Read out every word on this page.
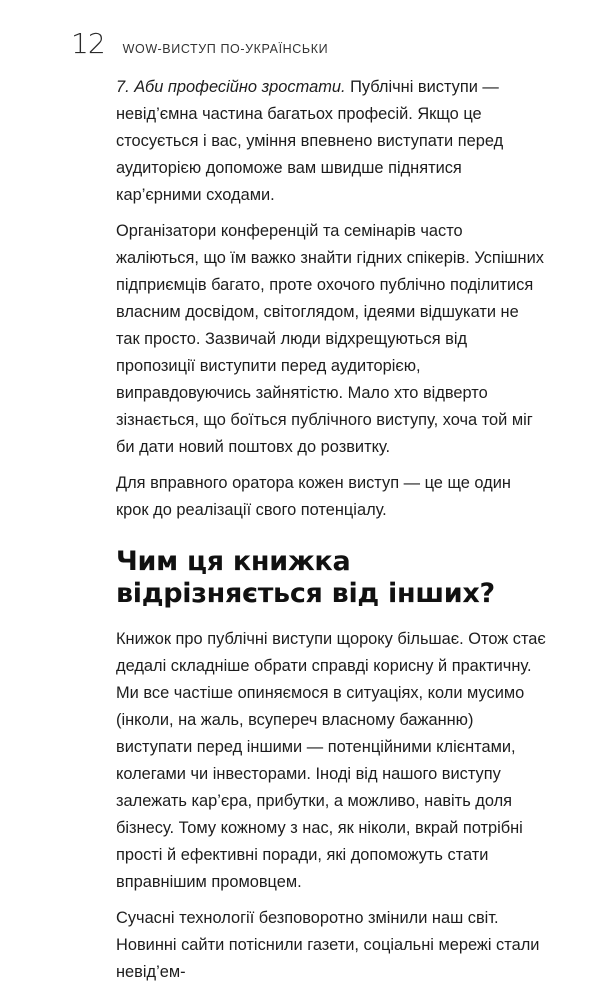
12 WOW-ВИСТУП ПО-УКРАЇНСЬКИ

7. Аби професійно зростати. Публічні виступи — невід’ємна частина багатьох професій. Якщо це стосується і вас, уміння впевнено виступати перед аудиторією допоможе вам швидше піднятися кар’єрними сходами.

Організатори конференцій та семінарів часто жаліються, що їм важко знайти гідних спікерів. Успішних підприємців багато, проте охочого публічно поділитися власним досвідом, світоглядом, ідеями відшукати не так просто. Зазвичай люди відхрещуються від пропозиції виступити перед аудиторією, виправдовуючись зайнятістю. Мало хто відверто зізнається, що боїться публічного виступу, хоча той міг би дати новий поштовх до розвитку.

Для вправного оратора кожен виступ — це ще один крок до реалізації свого потенціалу.

Чим ця книжка відрізняється від інших?

Книжок про публічні виступи щороку більшає. Отож стає дедалі складніше обрати справді корисну й практичну. Ми все частіше опиняємося в ситуаціях, коли мусимо (інколи, на жаль, всупереч власному бажанню) виступати перед іншими — потенційними клієнтами, колегами чи інвесторами. Іноді від нашого виступу залежать кар’єра, прибутки, а можливо, навіть доля бізнесу. Тому кожному з нас, як ніколи, вкрай потрібні прості й ефективні поради, які допоможуть стати вправнішим промовцем.

Сучасні технології безповоротно змінили наш світ. Новинні сайти потіснили газети, соціальні мережі стали невід’ем-
